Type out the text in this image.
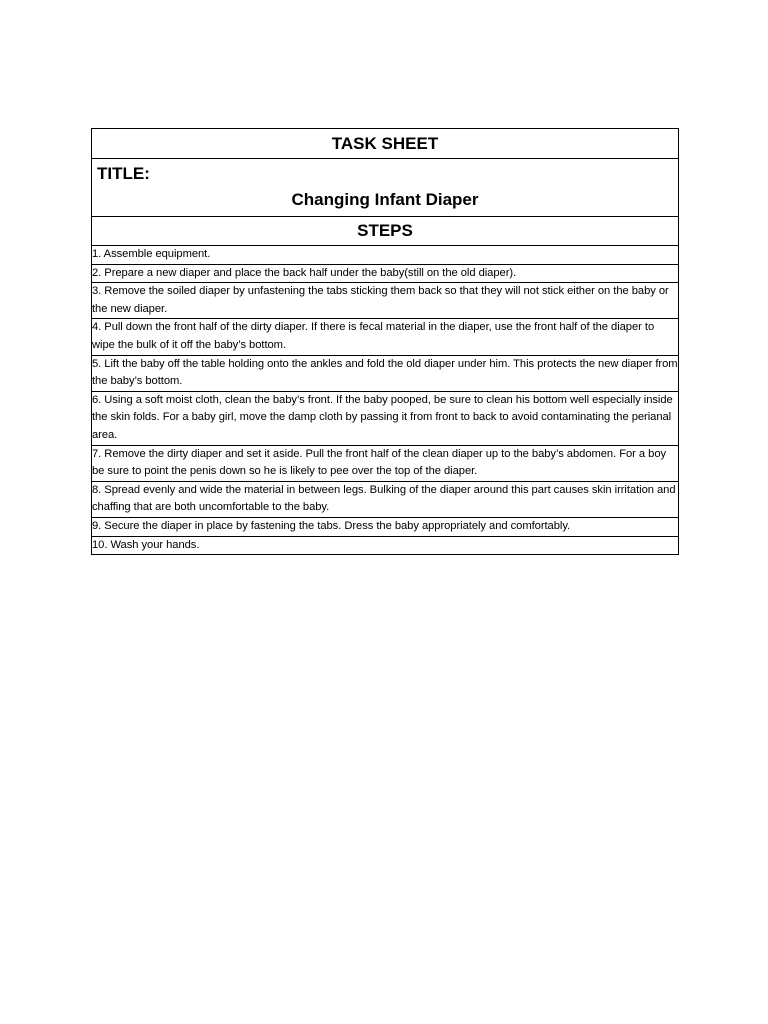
TASK SHEET

TITLE:
Changing Infant Diaper

STEPS

1. Assemble equipment.

2. Prepare a new diaper and place the back half under the baby(still on the old diaper).

3. Remove the soiled diaper by unfastening the tabs sticking them back so that they will not stick either on the baby or the new diaper.

4. Pull down the front half of the dirty diaper. If there is fecal material in the diaper, use the front half of the diaper to wipe the bulk of it off the baby’s bottom.

5. Lift the baby off the table holding onto the ankles and fold the old diaper under him. This protects the new diaper from the baby’s bottom.

6. Using a soft moist cloth, clean the baby’s front. If the baby pooped, be sure to clean his bottom well especially inside the skin folds. For a baby girl, move the damp cloth by passing it from front to back to avoid contaminating the perianal area.

7. Remove the dirty diaper and set it aside. Pull the front half of the clean diaper up to the baby’s abdomen. For a boy be sure to point the penis down so he is likely to pee over the top of the diaper.

8. Spread evenly and wide the material in between legs. Bulking of the diaper around this part causes skin irritation and chaffing that are both uncomfortable to the baby.

9. Secure the diaper in place by fastening the tabs. Dress the baby appropriately and comfortably.

10. Wash your hands.
